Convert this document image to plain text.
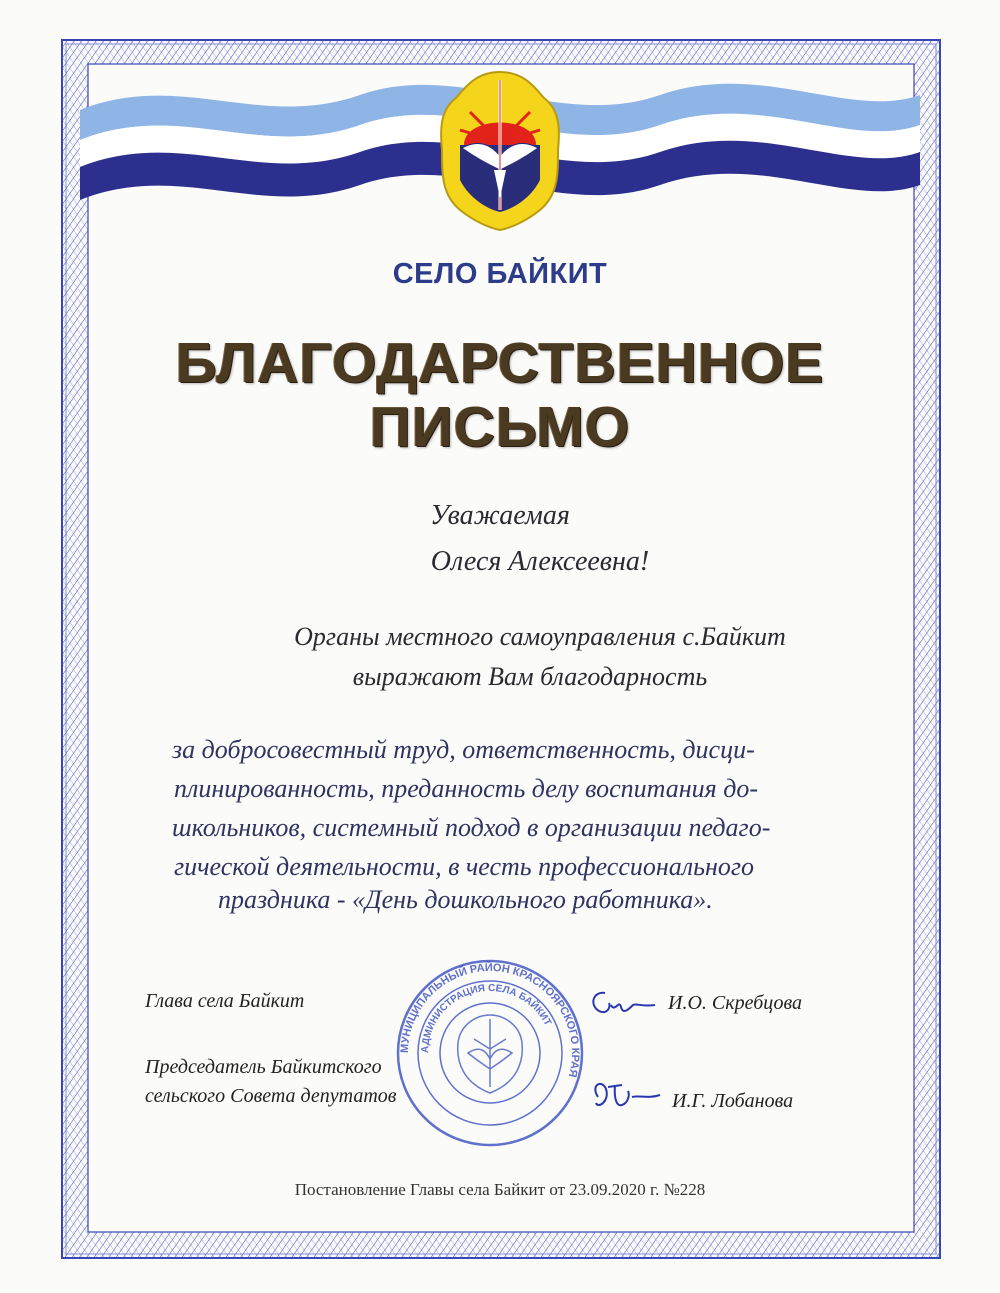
СЕЛО БАЙКИТ
БЛАГОДАРСТВЕННОЕ
ПИСЬМО
Уважаемая
Олеся Алексеевна!
Органы местного самоуправления с.Байкит
выражают Вам благодарность
за добросовестный труд, ответственность, дисци-
плинированность, преданность делу воспитания до-
школьников, системный подход в организации педаго-
гической деятельности, в честь профессионального
праздника - «День дошкольного работника».
МУНИЦИПАЛЬНЫЙ РАЙОН КРАСНОЯРСКОГО КРАЯ
АДМИНИСТРАЦИЯ СЕЛА БАЙКИТ
Глава села Байкит	И.О. Скребцова
Председатель Байкитского
сельского Совета депутатов	И.Г. Лобанова
Постановление Главы села Байкит от 23.09.2020 г. №228
